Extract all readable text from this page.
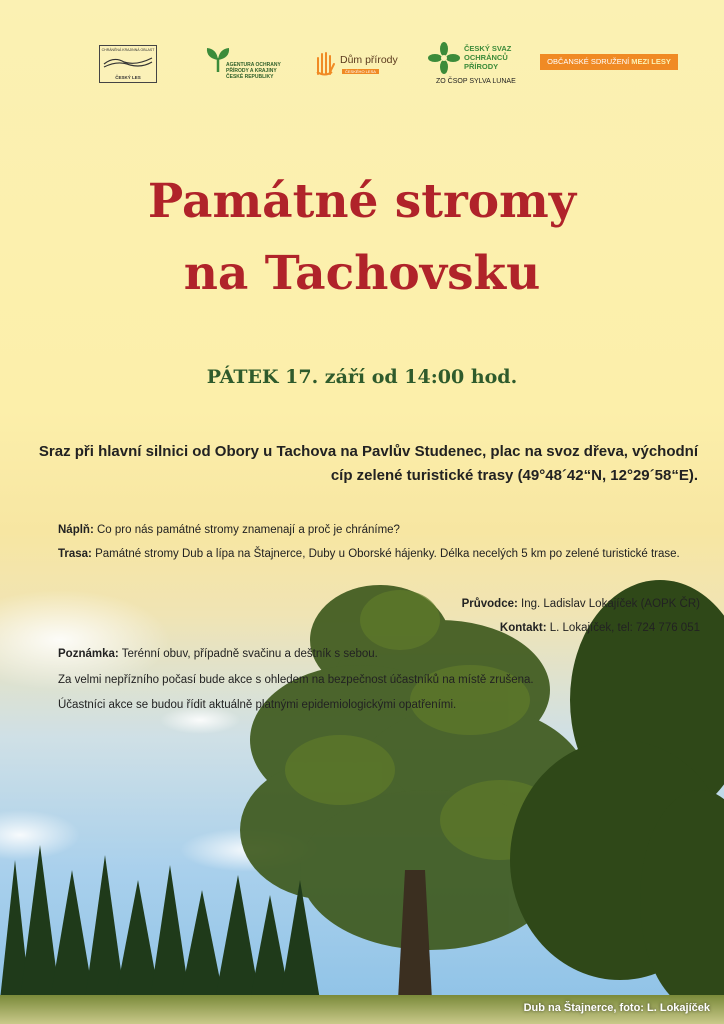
CHRÁNĚNÁ KRAJINNÁ OBLAST
ČESKÝ LES
AGENTURA OCHRANY
PŘÍRODY A KRAJINY
ČESKÉ REPUBLIKY
Dům přírody
ČESKÉHO LESA
ČESKÝ SVAZ
OCHRÁNCŮ
PŘÍRODY
ZO ČSOP SYLVA LUNAE
OBČANSKÉ SDRUŽENÍ MEZI LESY
Památné stromy
na Tachovsku
PÁTEK 17. září od 14:00 hod.
Sraz při hlavní silnici od Obory u Tachova na Pavlův Studenec, plac na svoz dřeva, východní
cíp zelené turistické trasy (49°48´42“N, 12°29´58“E).
Náplň: Co pro nás památné stromy znamenají a proč je chráníme?
Trasa: Památné stromy Dub a lípa na Štajnerce, Duby u Oborské hájenky. Délka necelých 5 km po zelené turistické trase.
Průvodce: Ing. Ladislav Lokajíček (AOPK ČR)
Kontakt: L. Lokajíček, tel: 724 776 051
Poznámka: Terénní obuv, případně svačinu a deštník s sebou.
Za velmi nepřízního počasí bude akce s ohledem na bezpečnost účastníků na místě zrušena.
Účastníci akce se budou řídit aktuálně platnými epidemiologickými opatřeními.
Dub na Štajnerce, foto: L. Lokajíček
